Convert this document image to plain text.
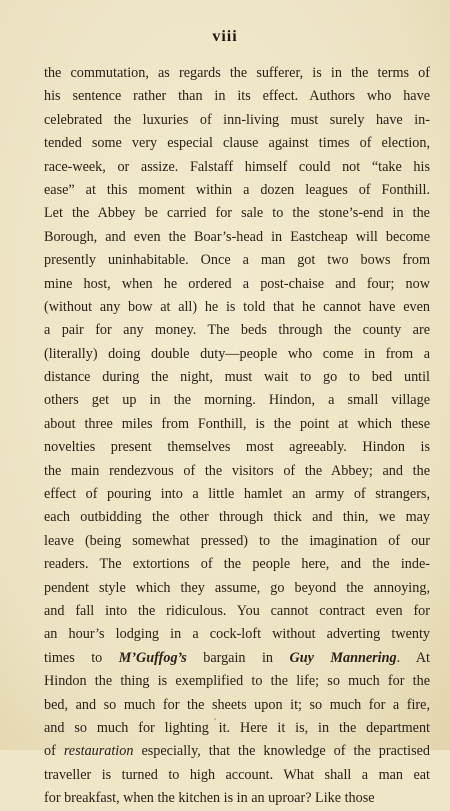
viii
the commutation, as regards the sufferer, is in the terms of
his sentence rather than in its effect. Authors who have
celebrated the luxuries of inn-living must surely have in-
tended some very especial clause against times of election,
race-week, or assize. Falstaff himself could not “take his
ease” at this moment within a dozen leagues of Fonthill.
Let the Abbey be carried for sale to the stone’s-end in the
Borough, and even the Boar’s-head in Eastcheap will become
presently uninhabitable. Once a man got two bows from
mine host, when he ordered a post-chaise and four; now
(without any bow at all) he is told that he cannot have even
a pair for any money. The beds through the county are
(literally) doing double duty—people who come in from a
distance during the night, must wait to go to bed until
others get up in the morning. Hindon, a small village
about three miles from Fonthill, is the point at which these
novelties present themselves most agreeably. Hindon is
the main rendezvous of the visitors of the Abbey; and the
effect of pouring into a little hamlet an army of strangers,
each outbidding the other through thick and thin, we may
leave (being somewhat pressed) to the imagination of our
readers. The extortions of the people here, and the inde-
pendent style which they assume, go beyond the annoying,
and fall into the ridiculous. You cannot contract even for
an hour’s lodging in a cock-loft without adverting twenty
times to M’Guffog’s bargain in Guy Mannering. At
Hindon the thing is exemplified to the life; so much for the
bed, and so much for the sheets upon it; so much for a fire,
and so much for lighting it. Here it is, in the department
of restauration especially, that the knowledge of the practised
traveller is turned to high account. What shall a man eat
for breakfast, when the kitchen is in an uproar? Like those
